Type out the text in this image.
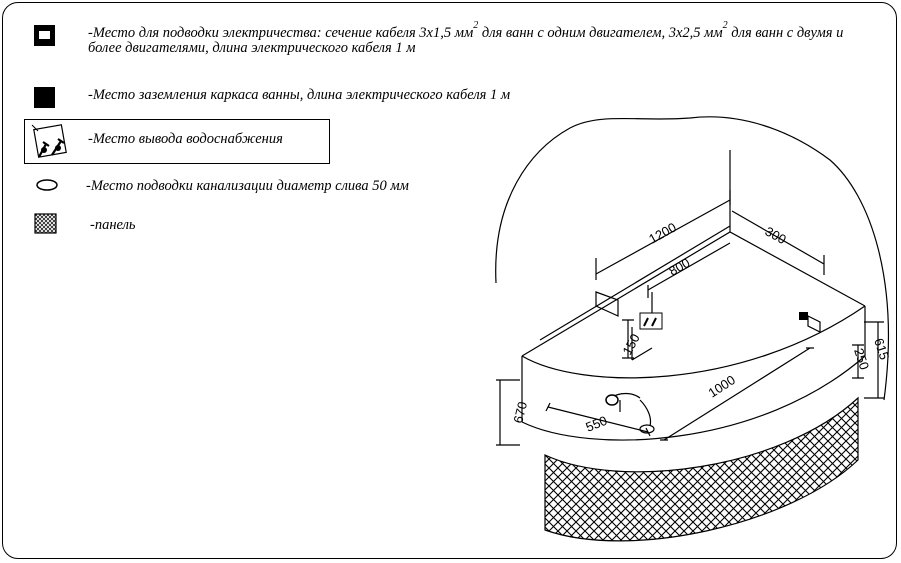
-Место для подводки электричества: сечение кабеля 3х1,5 $мм^2$ для ванн с одним двигателем, 3х2,5 $мм^2$ для ванн с двумя и
более двигателями, длина электрического кабеля 1 м
-Место заземления каркаса ванны, длина электрического кабеля 1 м
-Место вывода водоснабжения
-Место подводки канализации диаметр слива 50 мм
-панель	1200
800
300
150
1000
550
670
615
250
